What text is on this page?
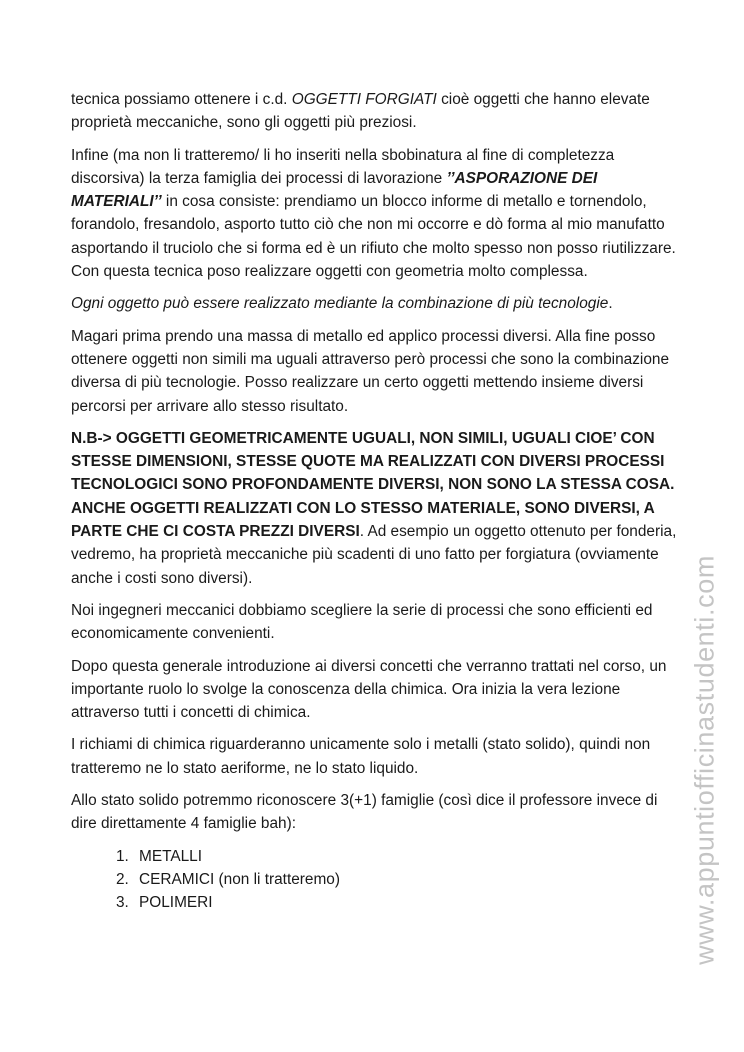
tecnica possiamo ottenere i c.d. OGGETTI FORGIATI cioè oggetti che hanno elevate proprietà meccaniche, sono gli oggetti più preziosi.

Infine (ma non li tratteremo/ li ho inseriti nella sbobinatura al fine di completezza discorsiva) la terza famiglia dei processi di lavorazione ’’ASPORAZIONE DEI MATERIALI’’ in cosa consiste: prendiamo un blocco informe di metallo e tornendolo, forandolo, fresandolo, asporto tutto ciò che non mi occorre e dò forma al mio manufatto asportando il truciolo che si forma ed è un rifiuto che molto spesso non posso riutilizzare. Con questa tecnica poso realizzare oggetti con geometria molto complessa.

Ogni oggetto può essere realizzato mediante la combinazione di più tecnologie.

Magari prima prendo una massa di metallo ed applico processi diversi. Alla fine posso ottenere oggetti non simili ma uguali attraverso però processi che sono la combinazione diversa di più tecnologie. Posso realizzare un certo oggetti mettendo insieme diversi percorsi per arrivare allo stesso risultato.

N.B-> OGGETTI GEOMETRICAMENTE UGUALI, NON SIMILI, UGUALI CIOE’ CON STESSE DIMENSIONI, STESSE QUOTE MA REALIZZATI CON DIVERSI PROCESSI TECNOLOGICI SONO PROFONDAMENTE DIVERSI, NON SONO LA STESSA COSA. ANCHE OGGETTI REALIZZATI CON LO STESSO MATERIALE, SONO DIVERSI, A PARTE CHE CI COSTA PREZZI DIVERSI. Ad esempio un oggetto ottenuto per fonderia, vedremo, ha proprietà meccaniche più scadenti di uno fatto per forgiatura (ovviamente anche i costi sono diversi).

Noi ingegneri meccanici dobbiamo scegliere la serie di processi che sono efficienti ed economicamente convenienti.

Dopo questa generale introduzione ai diversi concetti che verranno trattati nel corso, un importante ruolo lo svolge la conoscenza della chimica. Ora inizia la vera lezione attraverso tutti i concetti di chimica.

I richiami di chimica riguarderanno unicamente solo i metalli (stato solido), quindi non tratteremo ne lo stato aeriforme, ne lo stato liquido.

Allo stato solido potremmo riconoscere 3(+1) famiglie (così dice il professore invece di dire direttamente 4 famiglie bah):

1. METALLI
2. CERAMICI (non li tratteremo)
3. POLIMERI	www.appuntiofficinastudenti.com
